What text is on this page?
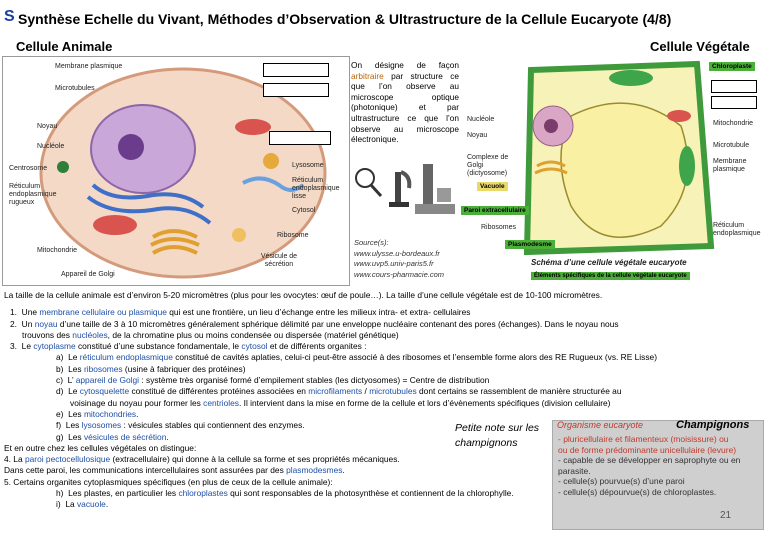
S Synthèse Echelle du Vivant, Méthodes d’Observation & Ultrastructure de la Cellule Eucaryote (4/8)
Cellule Animale	Cellule Végétale
Membrane plasmique
Microtubules
Noyau
Nucléole
Centrosome
Réticulum endoplasmique rugueux
Mitochondrie
Appareil de Golgi
Lysosome
Réticulum endoplasmique lisse
Cytosol
Ribosome
Vésicule de sécrétion
On désigne de façon arbitraire par structure ce que l’on observe au microscope optique (photonique) et par ultrastructure ce que l’on observe au microscope électronique.
Source(s):
www.ulysse.u-bordeaux.fr
www.uvp5.univ-paris5.fr
www.cours-pharmacie.com
Chloroplaste
Mitochondrie
Nucléole
Noyau
Microtubule
Membrane plasmique
Complexe de Golgi (dictyosome)
Vacuole
Paroi extracellulaire
Ribosomes
Plasmodesme
Réticulum endoplasmique
Schéma d’une cellule végétale eucaryote
Éléments spécifiques de la cellule végétale eucaryote

La taille de la cellule animale est d’environ 5-20 micromètres (plus pour les ovocytes: œuf de poule…). La taille d’une cellule végétale est de 10-100 micromètres.

1. Une membrane cellulaire ou plasmique qui est une frontière, un lieu d’échange entre les milieux intra- et extra- cellulaires

2. Un noyau d’une taille de 3 à 10 micromètres généralement sphérique délimité par une enveloppe nucléaire contenant des pores (échanges). Dans le noyau nous

trouvons des nucléoles, de la chromatine plus ou moins condensée ou dispersée (matériel génétique)

3. Le cytoplasme constitué d’une substance fondamentale, le cytosol et de différents organites :

a) Le réticulum endoplasmique constitué de cavités aplaties, celui-ci peut-être associé à des ribosomes et l’ensemble forme alors des RE Rugueux (vs. RE Lisse)

b) Les ribosomes (usine à fabriquer des protéines)

c) L’ appareil de Golgi : système très organisé formé d’empilement stables (les dictyosomes) = Centre de distribution

d) Le cytosquelette constitué de différentes protéines associées en microfilaments / microtubules dont certains se rassemblent de manière structurée au

voisinage du noyau pour former les centrioles. Il intervient dans la mise en forme de la cellule et lors d’évènements spécifiques (division cellulaire)

e) Les mitochondries.

f) Les lysosomes : vésicules stables qui contiennent des enzymes.

g) Les vésicules de sécrétion.

Et en outre chez les cellules végétales on distingue:

4. La paroi pectocellulosique (extracellulaire) qui donne à la cellule sa forme et ses propriétés mécaniques.

Dans cette paroi, les communications intercellulaires sont assurées par des plasmodesmes.

5. Certains organites cytoplasmiques spécifiques (en plus de ceux de la cellule animale):

h) Les plastes, en particulier les chloroplastes qui sont responsables de la photosynthèse et contiennent de la chlorophylle.

i) La vacuole.

Petite note sur les
champignons
Organisme eucaryote	Champignons
- pluricellulaire et filamenteux (moisissure) ou
ou de forme prédominante unicellulaire (levure)
- capable de se développer en saprophyte ou en
parasite.
- cellule(s) pourvue(s) d’une paroi
- cellule(s) dépourvue(s) de chloroplastes.
21
